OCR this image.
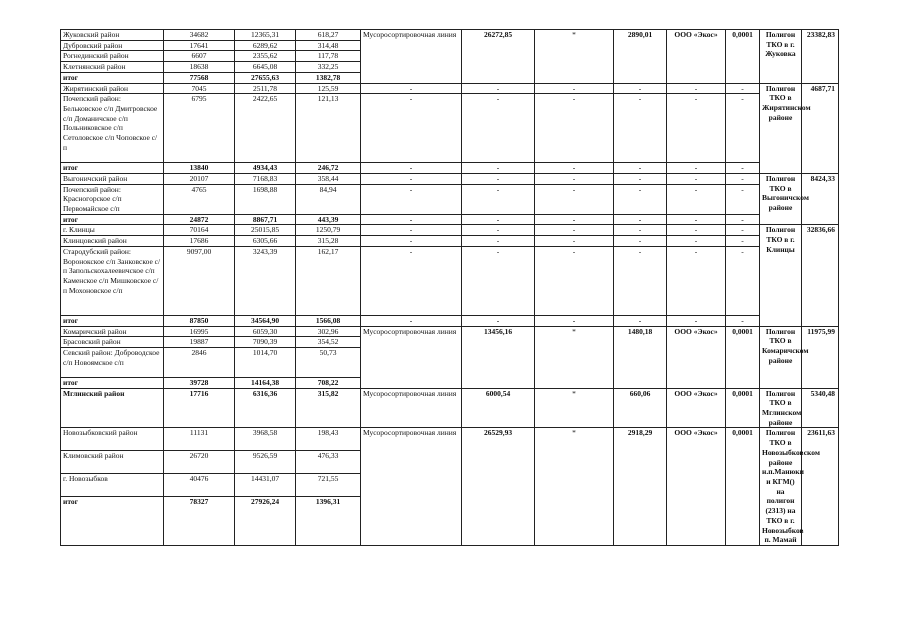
Жуковский район	34682	12365,31	618,27	Мусоросортировочная линия	26272,85	*	2890,01	ООО «Экос»	0,0001	Полигон ТКО в г. Жуковка	23382,83
Дубровский район	17641	6289,62	314,48								
Рогнединский район	6607	2355,62	117,78								
Клетнянский район	18638	6645,08	332,25								
итог	77568	27655,63	1382,78								
Жирятинский район	7045	2511,78	125,59	-	-	-	-	-	-	Полигон ТКО в Жирятинском районе	4687,71
Почепский район: Бельковское с/п Дмитровское с/п Доманичское с/п Польниковское с/п Сетоловское с/п Чоповское с/п	6795	2422,65	121,13	-	-	-	-	-	-		
итог	13840	4934,43	246,72	-	-	-	-	-	-		
Выгоничский район	20107	7168,83	358,44	-	-	-	-	-	-	Полигон ТКО в Выгоничском районе	8424,33
Почепский район: Красногорское с/п Первомайское с/п	4765	1698,88	84,94	-	-	-	-	-	-		
итог	24872	8867,71	443,39	-	-	-	-	-	-		
г. Клинцы	70164	25015,85	1250,79	-	-	-	-	-	-	Полигон ТКО в г. Клинцы	32836,66
Клинцовский район	17686	6305,66	315,28	-	-	-	-	-	-		
Стародубский район: Воронокское с/п Занковское с/п Запольскохалеевичское с/п Каменское с/п Мишковское с/п Мохоновское с/п	9097,00	3243,39	162,17	-	-	-	-	-	-		
итог	87850	34564,90	1566,08	-	-	-	-	-	-		
Комаричский район	16995	6059,30	302,96	Мусоросортировочная линия	13456,16	*	1480,18	ООО «Экос»	0,0001	Полигон ТКО в Комаричском районе	11975,99
Брасовский район	19887	7090,39	354,52								
Севский район: Доброводское с/п Новоямское с/п	2846	1014,70	50,73								
итог	39728	14164,38	708,22								
Мглинский район	17716	6316,36	315,82	Мусоросортировочная линия	6000,54	*	660,06	ООО «Экос»	0,0001	Полигон ТКО в Мглинском районе	5340,48
Новозыбковский район	11131	3968,58	198,43	Мусоросортировочная линия	26529,93	*	2918,29	ООО «Экос»	0,0001	Полигон ТКО в Новозыбковском районе н.п.Манюки и КГМ() на полигон (2313) на ТКО в г. Новозыбков п. Мамай	23611,63
Климовский район	26720	9526,59	476,33								
г. Новозыбков	40476	14431,07	721,55								
итог	78327	27926,24	1396,31								
